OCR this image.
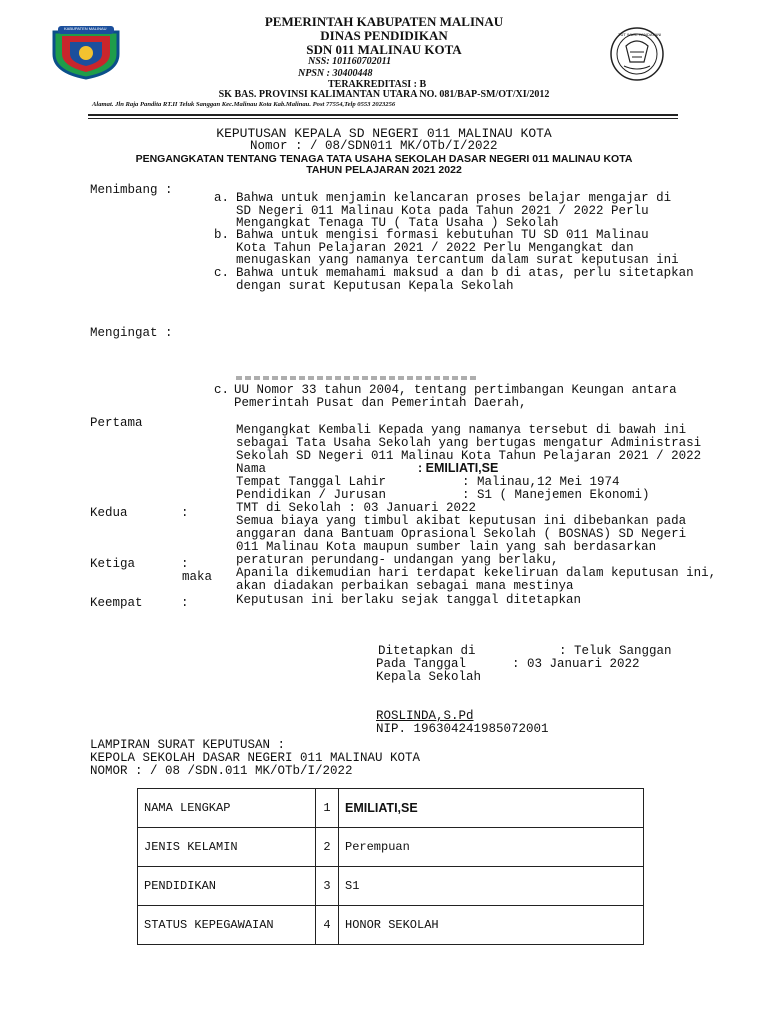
KABUPATEN MALINAU
TUT WURI HANDAYANI
PEMERINTAH KABUPATEN MALINAU
DINAS PENDIDIKAN
SDN 011 MALINAU KOTA
NSS: 101160702011
NPSN : 30400448
TERAKREDITASI : B
SK BAS. PROVINSI KALIMANTAN UTARA NO. 081/BAP-SM/OT/XI/2012
Alamat. Jln Raja Pandita RT.II Teluk Sanggan Kec.Malinau Kota Kab.Malinau. Post 77554,Telp 0553 2023256
KEPUTUSAN KEPALA SD NEGERI 011 MALINAU KOTA
Nomor : / 08/SDN011 MK/OTb/I/2022
PENGANGKATAN TENTANG TENAGA TATA USAHA SEKOLAH DASAR NEGERI 011 MALINAU KOTA
TAHUN PELAJARAN 2021 2022
Menimbang :
a. Bahwa untuk menjamin kelancaran proses belajar mengajar di
SD Negeri 011 Malinau Kota pada Tahun 2021 / 2022 Perlu
Mengangkat Tenaga TU ( Tata Usaha ) Sekolah
b. Bahwa untuk mengisi formasi kebutuhan TU SD 011 Malinau
Kota Tahun Pelajaran 2021 / 2022 Perlu Mengangkat dan
menugaskan yang namanya tercantum dalam surat keputusan ini
c. Bahwa untuk memahami maksud a dan b di atas, perlu sitetapkan
dengan surat Keputusan Kepala Sekolah
Mengingat :
c. UU Nomor 33 tahun 2004, tentang pertimbangan Keungan antara
Pemerintah Pusat dan Pemerintah Daerah,
Pertama	Mengangkat Kembali Kepada yang namanya tersebut di bawah ini
sebagai Tata Usaha Sekolah yang bertugas mengatur Administrasi
Sekolah SD Negeri 011 Malinau Kota Tahun Pelajaran 2021 / 2022
Nama	: EMILIATI,SE
Tempat Tanggal Lahir	: Malinau,12 Mei 1974
Pendidikan / Jurusan	: S1 ( Manejemen Ekonomi)
TMT di Sekolah : 03 Januari 2022
Kedua	:
Semua biaya yang timbul akibat keputusan ini dibebankan pada
anggaran dana Bantuam Oprasional Sekolah ( BOSNAS) SD Negeri
011 Malinau Kota maupun sumber lain yang sah berdasarkan
peraturan perundang- undangan yang berlaku,
Ketiga	:
maka Apanila dikemudian hari terdapat kekeliruan dalam keputusan ini,
akan diadakan perbaikan sebagai mana mestinya
Keempat	:	Keputusan ini berlaku sejak tanggal ditetapkan
Ditetapkan di	: Teluk Sanggan
Pada Tanggal	: 03 Januari 2022
Kepala Sekolah
ROSLINDA,S.Pd
NIP. 196304241985072001
LAMPIRAN SURAT KEPUTUSAN :
KEPOLA SEKOLAH DASAR NEGERI 011 MALINAU KOTA
NOMOR : / 08 /SDN.011 MK/OTb/I/2022
NAMA LENGKAP	1	EMILIATI,SE
JENIS KELAMIN	2	Perempuan
PENDIDIKAN	3	S1
STATUS KEPEGAWAIAN	4	HONOR SEKOLAH
